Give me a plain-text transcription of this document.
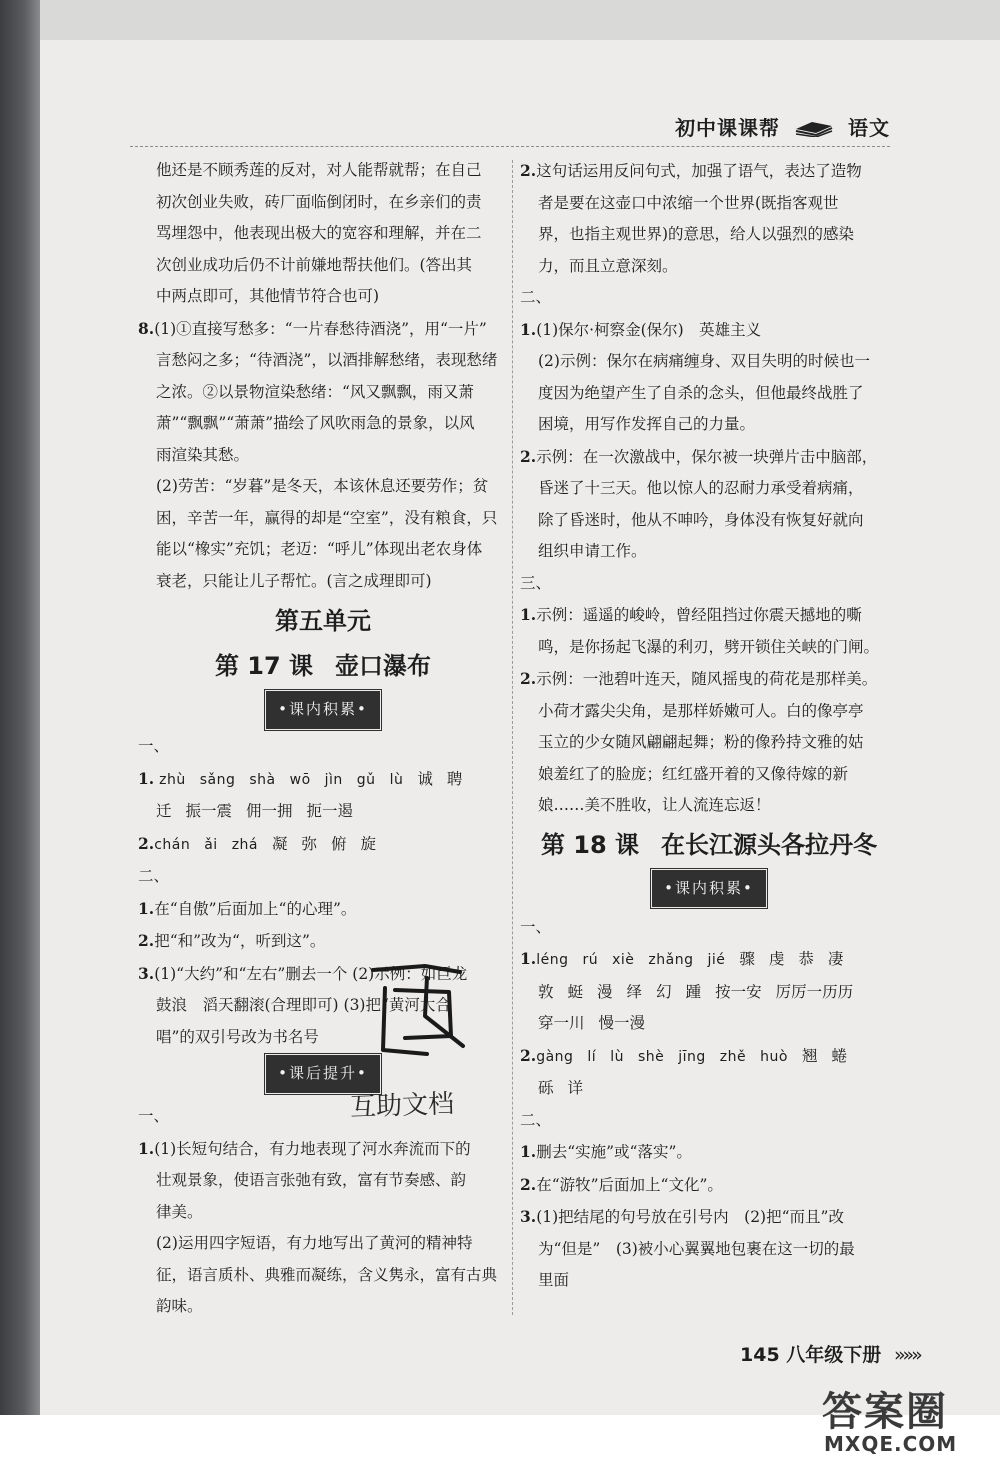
初中课课帮	语文
他还是不顾秀莲的反对，对人能帮就帮；在自己
初次创业失败，砖厂面临倒闭时，在乡亲们的责
骂埋怨中，他表现出极大的宽容和理解，并在二
次创业成功后仍不计前嫌地帮扶他们。(答出其
中两点即可，其他情节符合也可)
8.(1)①直接写愁多：“一片春愁待酒浇”，用“一片”
言愁闷之多；“待酒浇”，以酒排解愁绪，表现愁绪
之浓。②以景物渲染愁绪：“风又飘飘，雨又萧
萧”“飘飘”“萧萧”描绘了风吹雨急的景象，以风
雨渲染其愁。
(2)劳苦：“岁暮”是冬天，本该休息还要劳作；贫
困，辛苦一年，赢得的却是“空室”，没有粮食，只
能以“橡实”充饥；老迈：“呼儿”体现出老农身体
衰老，只能让儿子帮忙。(言之成理即可)
第五单元
第 17 课 壶口瀑布
•课内积累•
一、
1. zhù sǎng shà wō jìn gǔ lù 诚 聘
迁 振一震 佣一拥 扼一遏
2.chán ǎi zhá 凝 弥 俯 旋
二、
1.在“自傲”后面加上“的心理”。
2.把“和”改为“，听到这”。
3.(1)“大约”和“左右”删去一个 (2)示例：如巨龙
鼓浪　滔天翻滚(合理即可) (3)把“黄河大合
唱”的双引号改为书名号
•课后提升•
一、
1.(1)长短句结合，有力地表现了河水奔流而下的
壮观景象，使语言张弛有致，富有节奏感、韵
律美。
(2)运用四字短语，有力地写出了黄河的精神特
征，语言质朴、典雅而凝练，含义隽永，富有古典
韵味。
2.这句话运用反问句式，加强了语气，表达了造物
者是要在这壶口中浓缩一个世界(既指客观世
界，也指主观世界)的意思，给人以强烈的感染
力，而且立意深刻。
二、
1.(1)保尔·柯察金(保尔)　英雄主义
(2)示例：保尔在病痛缠身、双目失明的时候也一
度因为绝望产生了自杀的念头，但他最终战胜了
困境，用写作发挥自己的力量。
2.示例：在一次激战中，保尔被一块弹片击中脑部，
昏迷了十三天。他以惊人的忍耐力承受着病痛，
除了昏迷时，他从不呻吟，身体没有恢复好就向
组织申请工作。
三、
1.示例：遥遥的峻岭，曾经阻挡过你震天撼地的嘶
鸣，是你扬起飞瀑的利刃，劈开锁住关峡的门闸。
2.示例：一池碧叶连天，随风摇曳的荷花是那样美。
小荷才露尖尖角，是那样娇嫩可人。白的像亭亭
玉立的少女随风翩翩起舞；粉的像矜持文雅的姑
娘羞红了的脸庞；红红盛开着的又像待嫁的新
娘……美不胜收，让人流连忘返！
第 18 课 在长江源头各拉丹冬
•课内积累•
一、
1.léng rú xiè zhǎng jié 骤 虔 恭 凄
敦 蜓 漫 绎 幻 踵 按一安 厉厉一历历
穿一川 慢一漫
2.gàng lí lù shè jīng zhě huò 翘 蜷
砾 详
二、
1.删去“实施”或“落实”。
2.在“游牧”后面加上“文化”。
3.(1)把结尾的句号放在引号内　(2)把“而且”改
为“但是”　(3)被小心翼翼地包裹在这一切的最
里面
互助文档
145 八年级下册 »»»
答案圈
MXQE.COM
